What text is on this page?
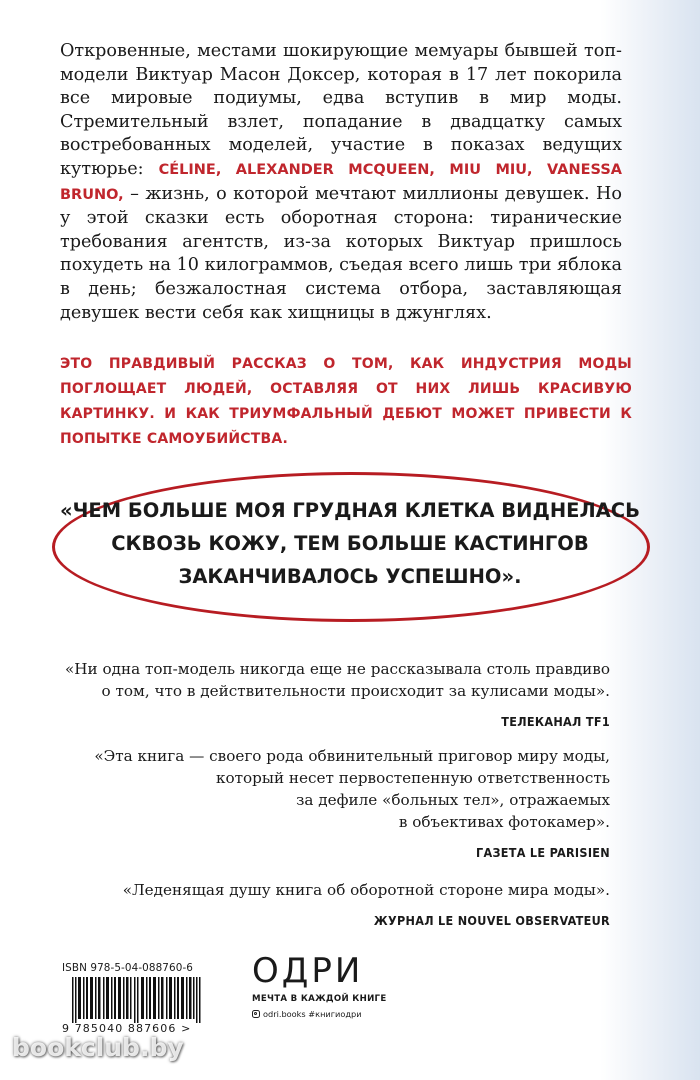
Откровенные, местами шокирующие мемуары бывшей топ-модели Виктуар Масон Доксер, которая в 17 лет покорила все мировые подиумы, едва вступив в мир моды. Стремительный взлет, попадание в двадцатку самых востребованных моделей, участие в показах ведущих кутюрье: CÉLINE, ALEXANDER MCQUEEN, MIU MIU, VANESSA BRUNO, – жизнь, о которой мечтают миллионы девушек. Но у этой сказки есть оборотная сторона: тиранические требования агентств, из-за которых Виктуар пришлось похудеть на 10 килограммов, съедая всего лишь три яблока в день; безжалостная система отбора, заставляющая девушек вести себя как хищницы в джунглях.
ЭТО ПРАВДИВЫЙ РАССКАЗ О ТОМ, КАК ИНДУСТРИЯ МОДЫ ПОГЛОЩАЕТ ЛЮДЕЙ, ОСТАВЛЯЯ ОТ НИХ ЛИШЬ КРАСИВУЮ КАРТИНКУ. И КАК ТРИУМФАЛЬНЫЙ ДЕБЮТ МОЖЕТ ПРИВЕСТИ К ПОПЫТКЕ САМОУБИЙСТВА.
«ЧЕМ БОЛЬШЕ МОЯ ГРУДНАЯ КЛЕТКА ВИДНЕЛАСЬ
СКВОЗЬ КОЖУ, ТЕМ БОЛЬШЕ КАСТИНГОВ
ЗАКАНЧИВАЛОСЬ УСПЕШНО».
«Ни одна топ-модель никогда еще не рассказывала столь правдиво
о том, что в действительности происходит за кулисами моды».
ТЕЛЕКАНАЛ TF1
«Эта книга — своего рода обвинительный приговор миру моды,
который несет первостепенную ответственность
за дефиле «больных тел», отражаемых
в объективах фотокамер».
ГАЗЕТА LE PARISIEN
«Леденящая душу книга об оборотной стороне мира моды».
ЖУРНАЛ LE NOUVEL OBSERVATEUR
ISBN 978-5-04-088760-6
9 785040 887606 >
ОДРИ
МЕЧТА В КАЖДОЙ КНИГЕ
odri.books #книгиодри
bookclub.by
